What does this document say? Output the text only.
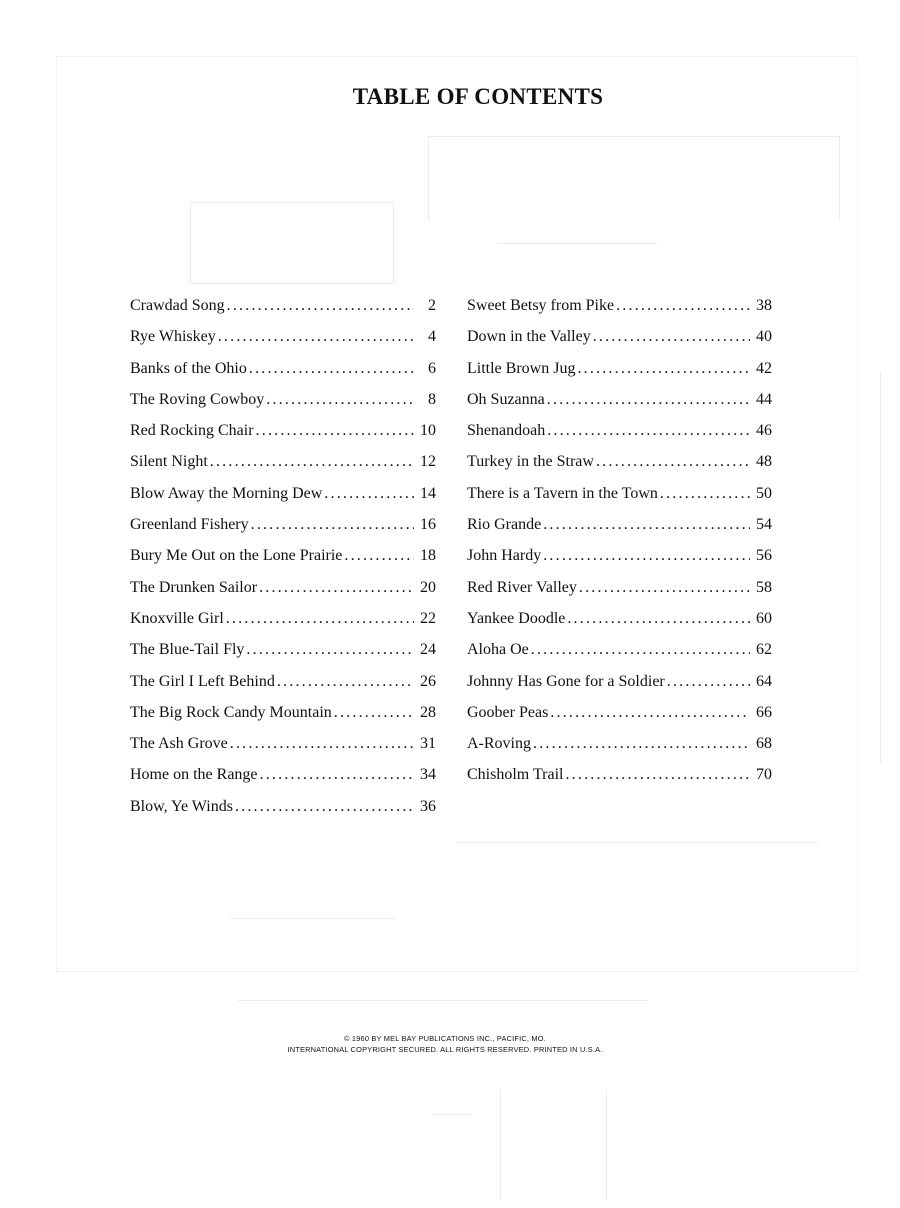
TABLE OF CONTENTS
Crawdad Song .....	2
Rye Whiskey .....	4
Banks of the Ohio .....	6
The Roving Cowboy .....	8
Red Rocking Chair .....	10
Silent Night .....	12
Blow Away the Morning Dew .....	14
Greenland Fishery .....	16
Bury Me Out on the Lone Prairie .....	18
The Drunken Sailor .....	20
Knoxville Girl .....	22
The Blue-Tail Fly .....	24
The Girl I Left Behind .....	26
The Big Rock Candy Mountain .....	28
The Ash Grove .....	31
Home on the Range .....	34
Blow, Ye Winds .....	36
Sweet Betsy from Pike .....	38
Down in the Valley .....	40
Little Brown Jug .....	42
Oh Suzanna .....	44
Shenandoah .....	46
Turkey in the Straw .....	48
There is a Tavern in the Town .....	50
Rio Grande .....	54
John Hardy .....	56
Red River Valley .....	58
Yankee Doodle .....	60
Aloha Oe .....	62
Johnny Has Gone for a Soldier .....	64
Goober Peas .....	66
A-Roving .....	68
Chisholm Trail .....	70
© 1960 BY MEL BAY PUBLICATIONS INC., PACIFIC, MO.
INTERNATIONAL COPYRIGHT SECURED. ALL RIGHTS RESERVED. PRINTED IN U.S.A.
